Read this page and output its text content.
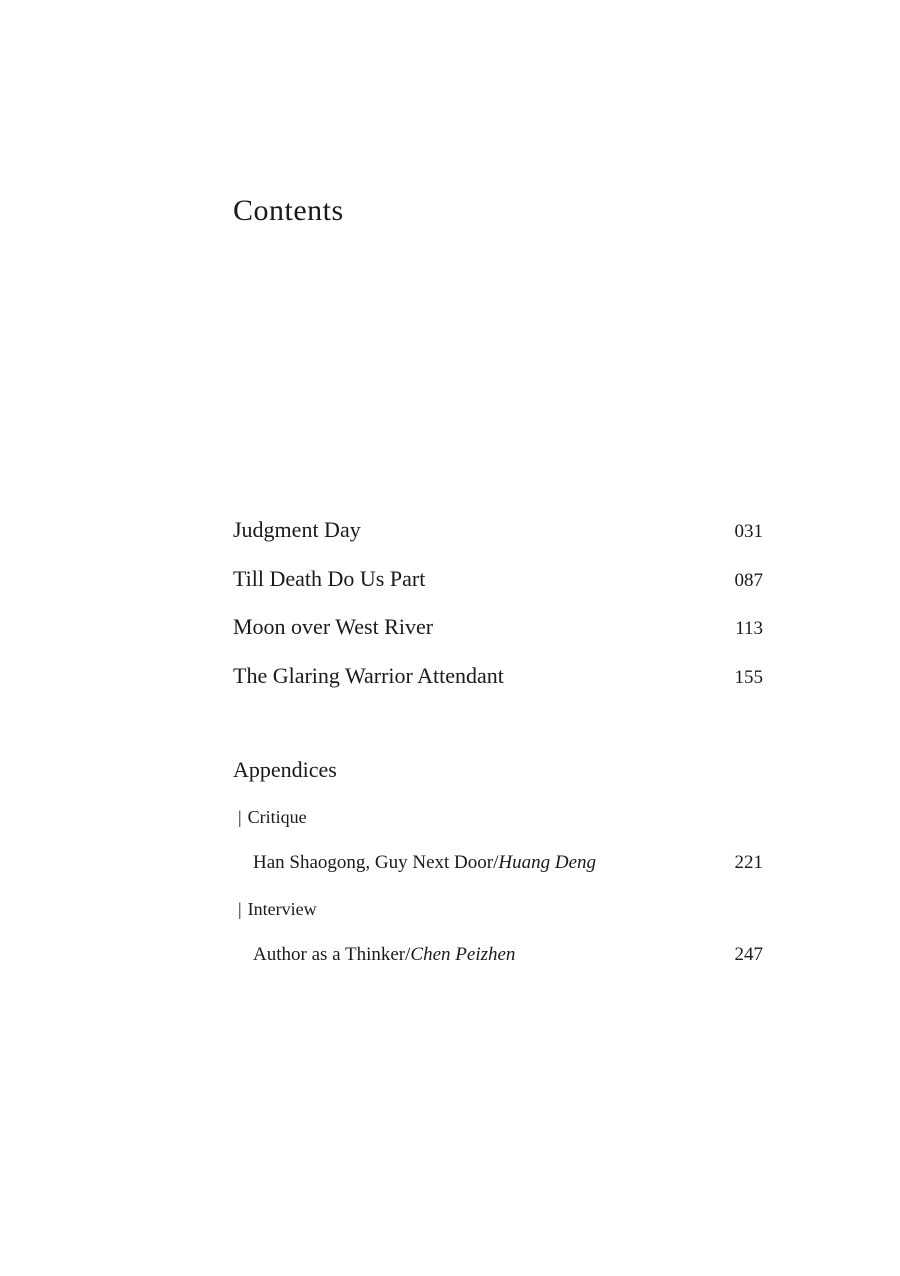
Contents
Judgment Day	031
Till Death Do Us Part	087
Moon over West River	113
The Glaring Warrior Attendant	155
Appendices
| Critique
Han Shaogong, Guy Next Door/Huang Deng	221
| Interview
Author as a Thinker/Chen Peizhen	247
